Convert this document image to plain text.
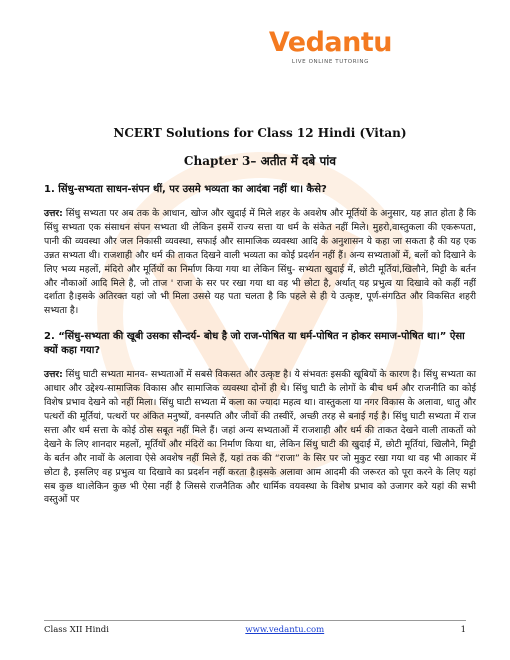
Vedantu
LIVE ONLINE TUTORING
NCERT Solutions for Class 12 Hindi (Vitan)
Chapter 3– अतीत में दबे पांव
1. सिंधु-सभ्यता साधन-संपन थीं, पर उसमे भव्यता का आदंबा नहीं था। कैसे?
उत्तर: सिंधु सभ्यता पर अब तक के आधान, खोज और खुदाई में मिले शहर के अवशेष और मूर्तियों के अनुसार, यह ज्ञात होता है कि सिंधु सभ्यता एक संसाधन संपन सभ्यता थी लेकिन इसमें राज्य सत्ता या धर्म के संकेत नहीं मिले। मुहरो,वास्तुकला की एकरूपता, पानी की व्यवस्था और जल निकासी व्यवस्था, सफाई और सामाजिक व्यवस्था आदि के अनुशासन ये कहा जा सकता है की यह एक उन्नत सभ्यता थी। राजशाही और धर्म की ताकत दिखने वाली भव्यता का कोई प्रदर्शन नहीं हैं। अन्य सभ्यताओं में, बलों को दिखाने के लिए भव्य महलों, मंदिरो और मूर्तियों का निर्माण किया गया था लेकिन सिंधु- सभ्यता खुदाई में, छोटी मूर्तियां,खिलौने, मिट्टी के बर्तन और नौकाओं आदि मिले है, जो ताज ' राजा के सर पर रखा गया था वह भी छोटा है, अर्थात् यह प्रभुत्व या दिखावे को कहीं नहीं दर्शाता है।इसके अतिरक्त यहां जो भी मिला उससे यह पता चलता है कि पहले से ही ये उत्कृष्ट, पूर्ण-संगठित और विकसित शहरी सभ्यता है।
2. “सिंधु-सभ्यता की खूबी उसका सौन्दर्य- बोध है जो राज-पोषित या धर्म-पोषित न होकर समाज-पोषित था।” ऐसा क्यों कहा गया?
उत्तर: सिंधु घाटी सभ्यता मानव- सभ्यताओं में सबसे विकसत और उत्कृष्ट है। ये संभवतः इसकी खूबियों के कारण है। सिंधु सभ्यता का आधार और उद्देश्य-सामाजिक विकास और सामाजिक व्यवस्था दोनों ही थे। सिंधु घाटी के लोगों के बीच धर्म और राजनीति का कोई विशेष प्रभाव देखने को नहीं मिला। सिंधु घाटी सभ्यता में कला का ज्यादा महत्व था। वास्तुकला या नगर विकास के अलावा, धातु और पत्थरों की मूर्तियां, पत्थरों पर अंकित मनुष्यों, वनस्पति और जीवों की तस्वीरें, अच्छी तरह से बनाई गई है। सिंधु घाटी सभ्यता में राज सत्ता और धर्म सत्ता के कोई ठोस सबूत नहीं मिले हैं। जहां अन्य सभ्यताओं में राजशाही और धर्म की ताकत देखने वाली ताकतों को देखने के लिए शानदार महलों, मूर्तियों और मंदिरों का निर्माण किया था, लेकिन सिंधु घाटी की खुदाई में, छोटी मूर्तियां, खिलौने, मिट्टी के बर्तन और नावों के अलावा ऐसे अवशेष नहीं मिले हैं, यहां तक की “राजा” के सिर पर जो मुकुट रखा गया था वह भी आकार में छोटा है, इसलिए वह प्रभुत्व या दिखावे का प्रदर्शन नहीं करता है।इसके अलावा आम आदमी की जरूरत को पूरा करने के लिए यहां सब कुछ था।लेकिन कुछ भी ऐसा नहीं है जिससे राजनैतिक और धार्मिक वयवस्था के विशेष प्रभाव को उजागर करे यहां की सभी वस्तुओं पर
Class XII Hindi	www.vedantu.com	1
